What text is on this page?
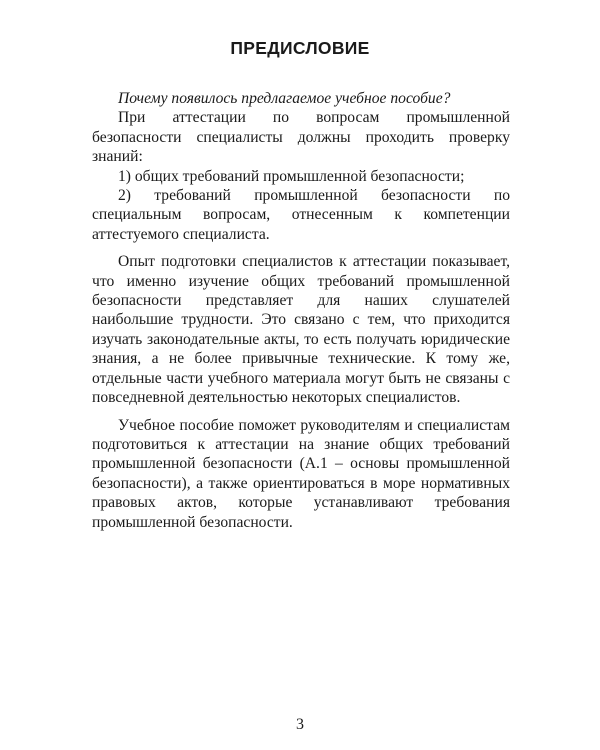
ПРЕДИСЛОВИЕ

Почему появилось предлагаемое учебное пособие?

При аттестации по вопросам промышленной безопасности специалисты должны проходить проверку знаний:

1) общих требований промышленной безопасности;

2) требований промышленной безопасности по специальным вопросам, отнесенным к компетенции аттестуемого специалиста.

Опыт подготовки специалистов к аттестации показывает, что именно изучение общих требований промышленной безопасности представляет для наших слушателей наибольшие трудности. Это связано с тем, что приходится изучать законодательные акты, то есть получать юридические знания, а не более привычные технические. К тому же, отдельные части учебного материала могут быть не связаны с повседневной деятельностью некоторых специалистов.

Учебное пособие поможет руководителям и специалистам подготовиться к аттестации на знание общих требований промышленной безопасности (А.1 – основы промышленной безопасности), а также ориентироваться в море нормативных правовых актов, которые устанавливают требования промышленной безопасности.

3
